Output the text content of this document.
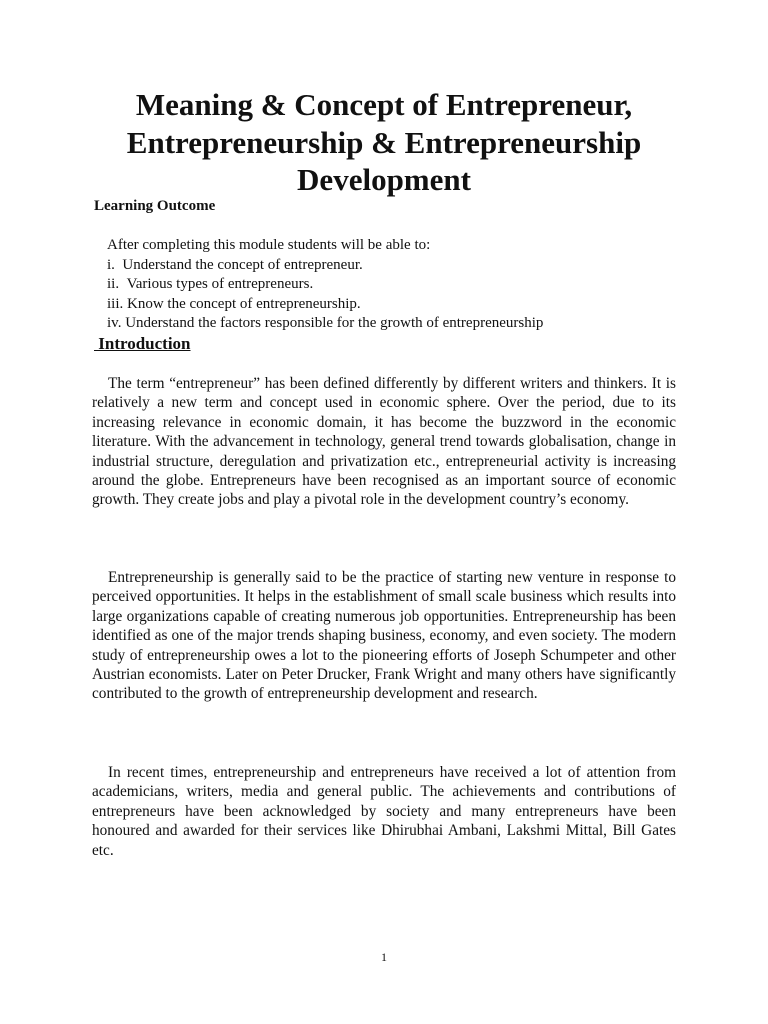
Meaning & Concept of Entrepreneur,
Entrepreneurship & Entrepreneurship
Development
Learning Outcome
After completing this module students will be able to:
i.  Understand the concept of entrepreneur.
ii.  Various types of entrepreneurs.
iii. Know the concept of entrepreneurship.
iv. Understand the factors responsible for the growth of entrepreneurship
Introduction

The term “entrepreneur” has been defined differently by different writers and thinkers. It is relatively a new term and concept used in economic sphere. Over the period, due to its increasing relevance in economic domain, it has become the buzzword in the economic literature. With the advancement in technology, general trend towards globalisation, change in industrial structure, deregulation and privatization etc., entrepreneurial activity is increasing around the globe. Entrepreneurs have been recognised as an important source of economic growth. They create jobs and play a pivotal role in the development country’s economy.

Entrepreneurship is generally said to be the practice of starting new venture in response to perceived opportunities. It helps in the establishment of small scale business which results into large organizations capable of creating numerous job opportunities. Entrepreneurship has been identified as one of the major trends shaping business, economy, and even society. The modern study of entrepreneurship owes a lot to the pioneering efforts of Joseph Schumpeter and other Austrian economists. Later on Peter Drucker, Frank Wright and many others have significantly contributed to the growth of entrepreneurship development and research.

In recent times, entrepreneurship and entrepreneurs have received a lot of attention from academicians, writers, media and general public. The achievements and contributions of entrepreneurs have been acknowledged by society and many entrepreneurs have been honoured and awarded for their services like Dhirubhai Ambani, Lakshmi Mittal, Bill Gates etc.

1
